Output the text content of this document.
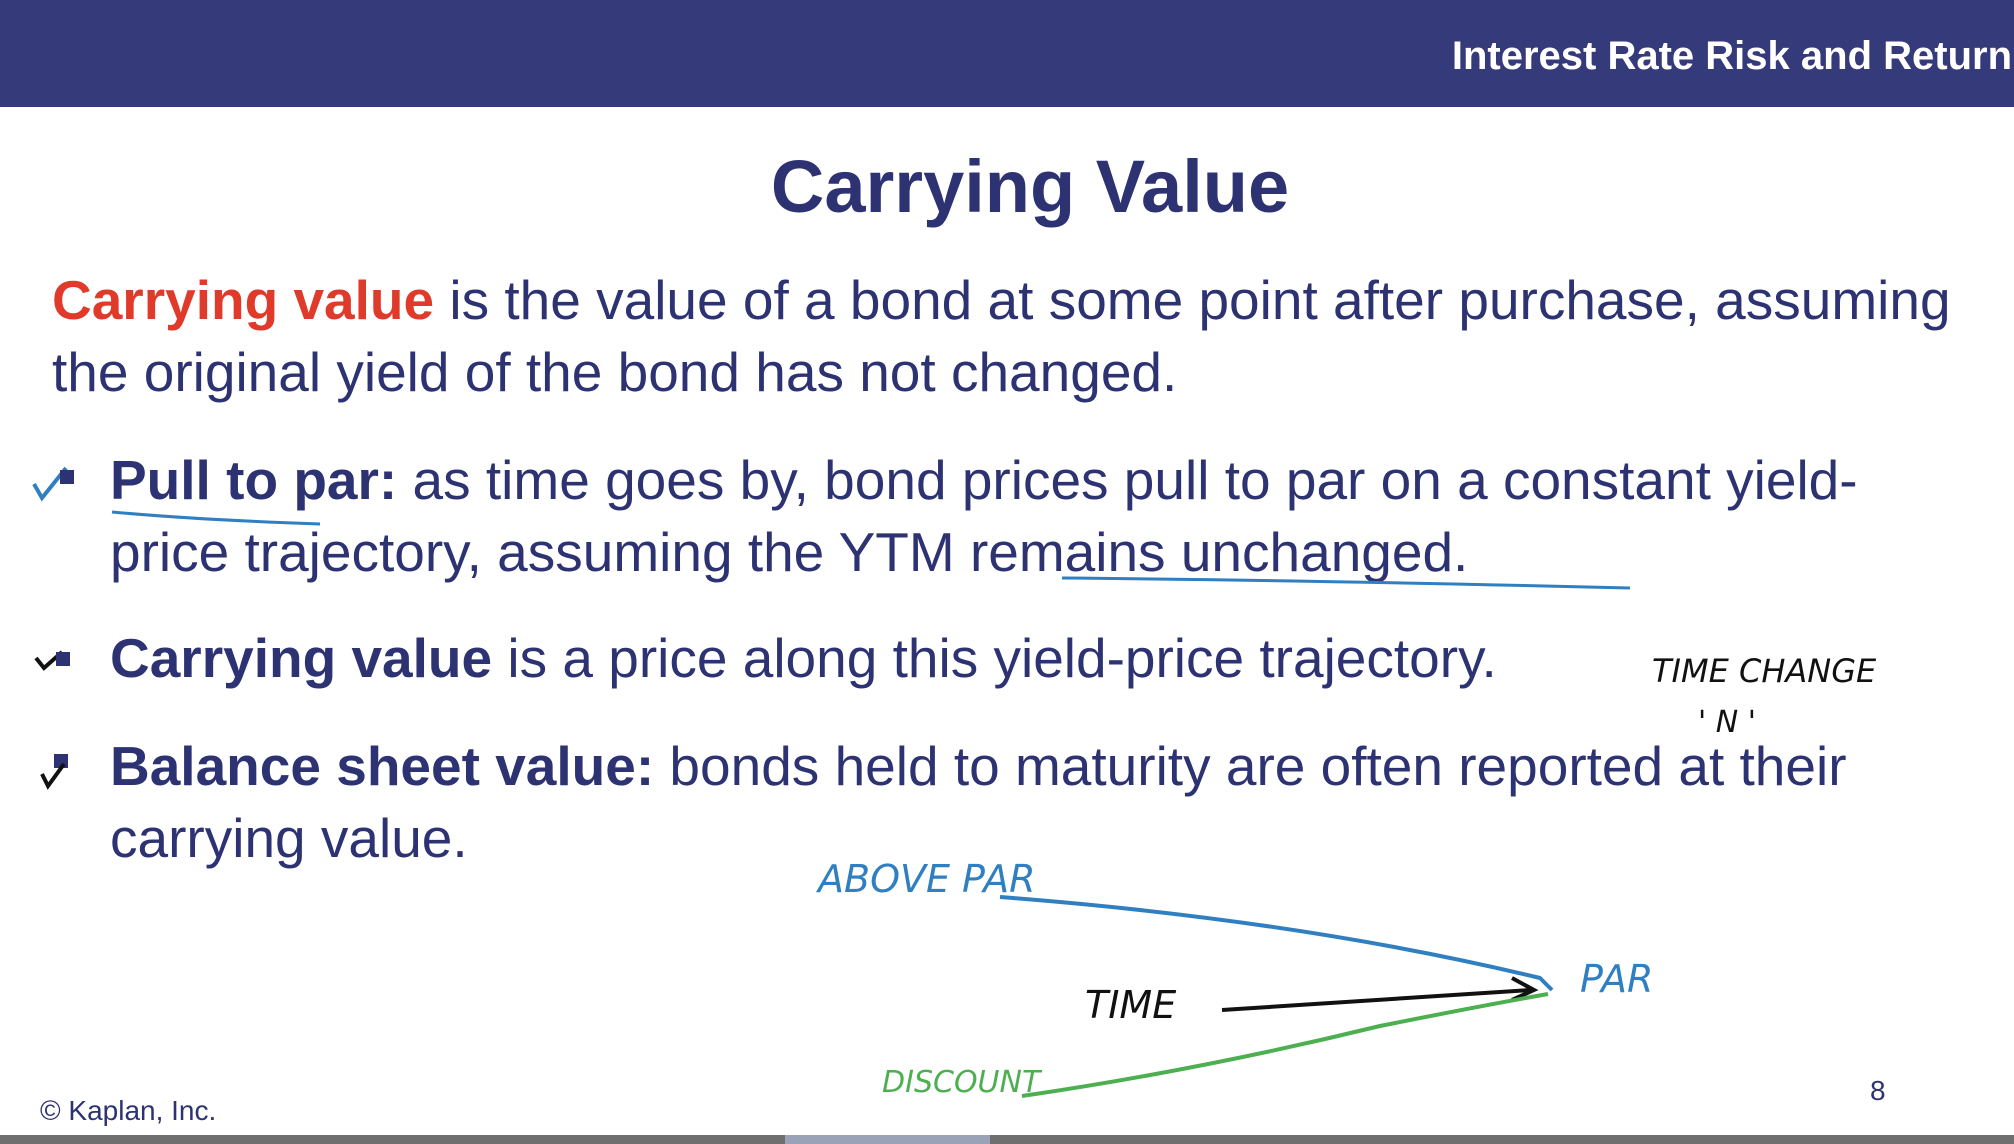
Interest Rate Risk and Return
Carrying Value
Carrying value is the value of a bond at some point after purchase, assuming the original yield of the bond has not changed.
Pull to par: as time goes by, bond prices pull to par on a constant yield-price trajectory, assuming the YTM remains unchanged.
Carrying value is a price along this yield-price trajectory.
Balance sheet value: bonds held to maturity are often reported at their carrying value.
TIME CHANGE
' N '
ABOVE PAR
TIME
PAR
DISCOUNT
© Kaplan, Inc.
8
